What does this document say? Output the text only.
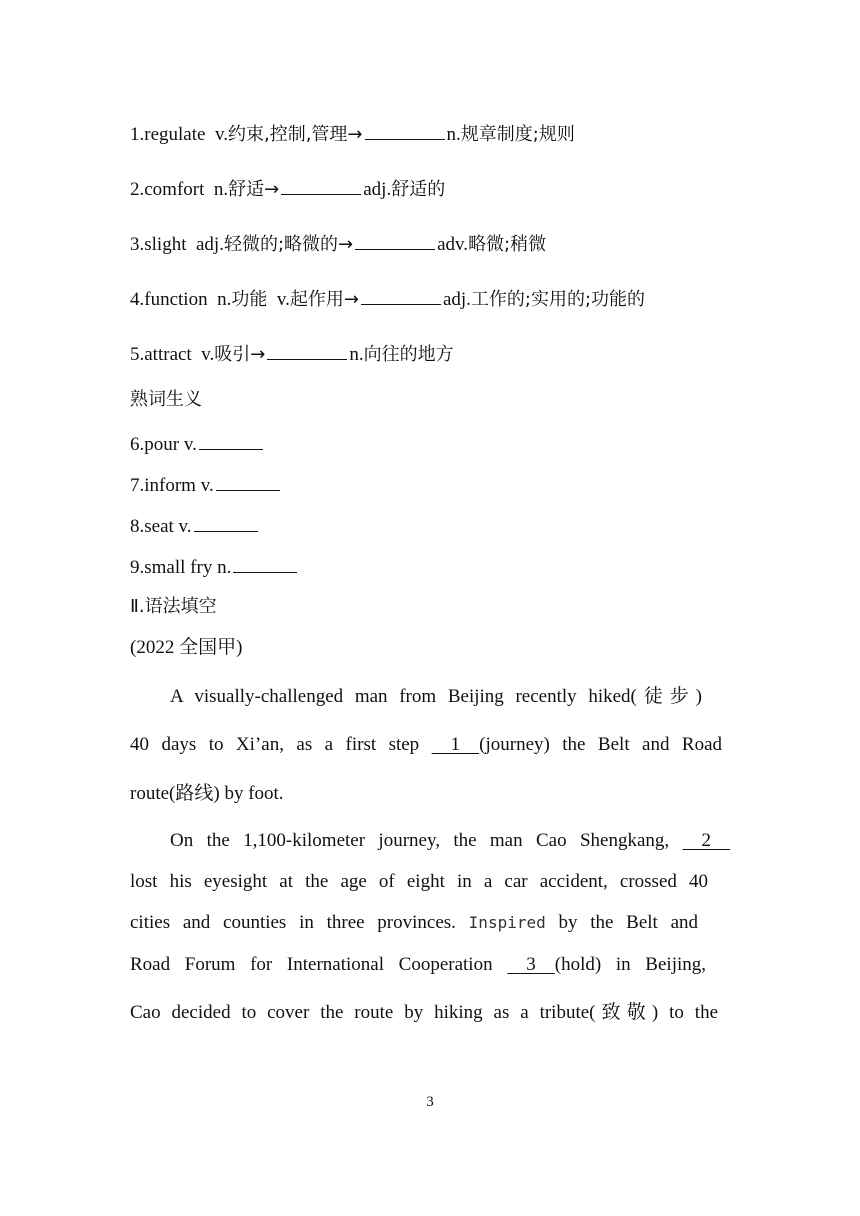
1.regulate v.约束,控制,管理→	n.规章制度;规则
2.comfort n.舒适→	adj.舒适的
3.slight adj.轻微的;略微的→	adv.略微;稍微
4.function n.功能 v.起作用→	adj.工作的;实用的;功能的
5.attract v.吸引→	n.向往的地方
熟词生义
6.pour v.
7.inform v.
8.seat v.
9.small fry n.
Ⅱ.语法填空
(2022 全国甲)
A visually-challenged man from Beijing recently hiked(徒步)
40 days to Xi’an, as a first step     1    (journey) the Belt and Road
route(路线) by foot.
On the 1,100-kilometer journey, the man Cao Shengkang,     2
lost his eyesight at the age of eight in a car accident, crossed 40
cities and counties in three provinces. Inspired by the Belt and
Road Forum for International Cooperation     3    (hold) in Beijing,
Cao decided to cover the route by hiking as a tribute(致敬) to the
3
